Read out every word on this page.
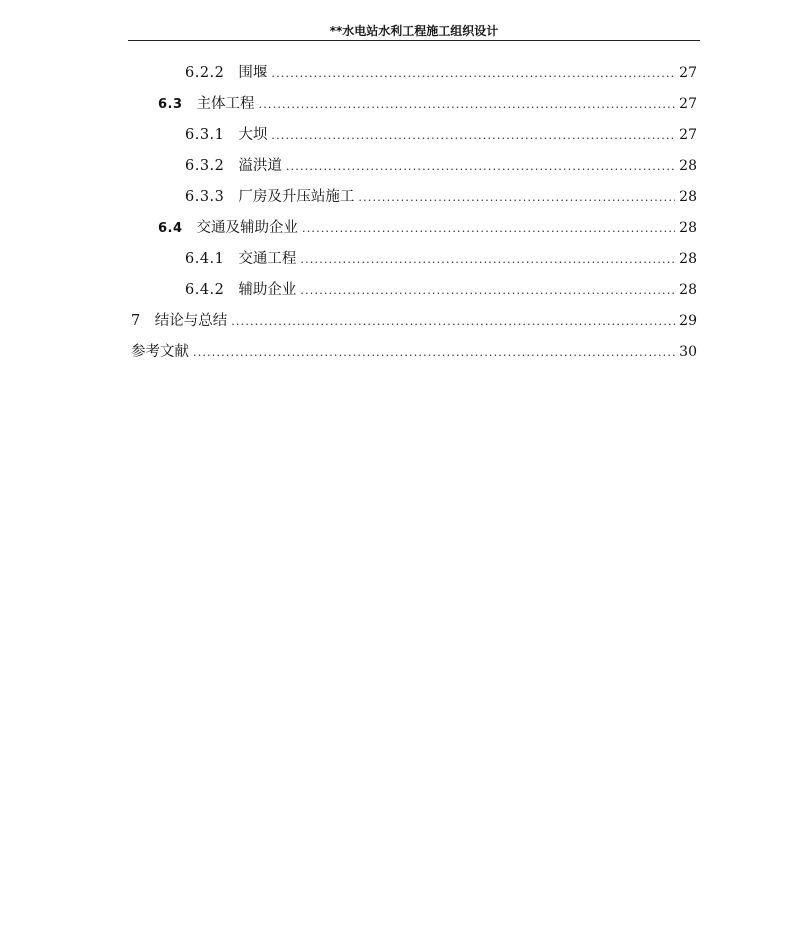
**水电站水利工程施工组织设计
6.2.2 围堰 .....	27
6.3 主体工程 .....	27
6.3.1 大坝 .....	27
6.3.2 溢洪道 .....	28
6.3.3 厂房及升压站施工 .....	28
6.4 交通及辅助企业 .....	28
6.4.1 交通工程 .....	28
6.4.2 辅助企业 .....	28
7 结论与总结 .....	29
参考文献 .....	30
